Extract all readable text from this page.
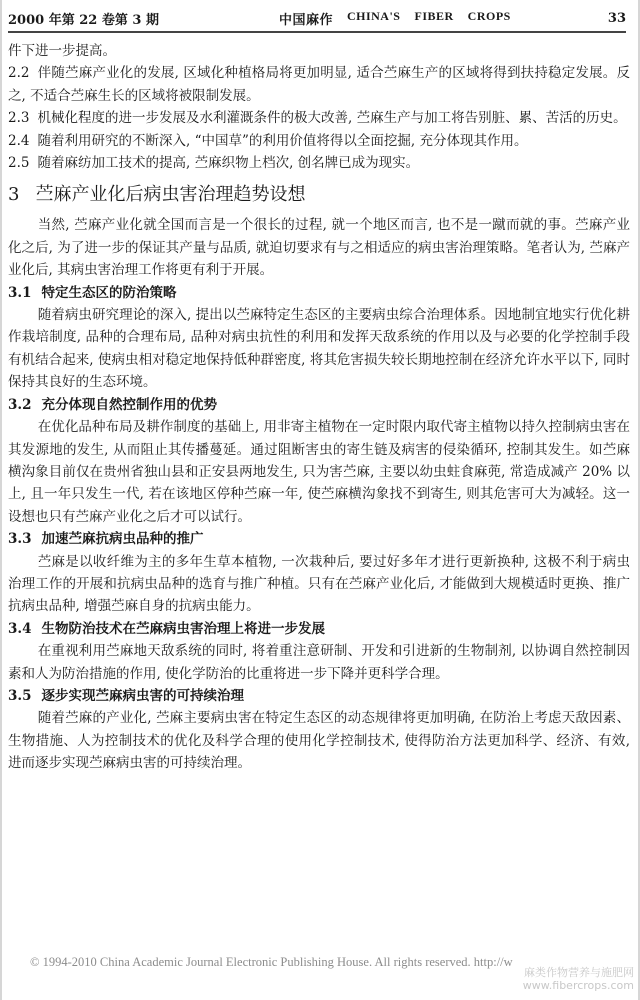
2000 年第 22 卷第 3 期	中国麻作 CHINA'S FIBER CROPS	33

件下进一步提高。

2.2 伴随苎麻产业化的发展, 区域化种植格局将更加明显, 适合苎麻生产的区域将得到扶持稳定发展。反之, 不适合苎麻生长的区域将被限制发展。

2.3 机械化程度的进一步发展及水利灌溉条件的极大改善, 苎麻生产与加工将告别脏、累、苦活的历史。

2.4 随着利用研究的不断深入, “中国草”的利用价值将得以全面挖掘, 充分体现其作用。

2.5 随着麻纺加工技术的提高, 苎麻织物上档次, 创名牌已成为现实。

3 苎麻产业化后病虫害治理趋势设想

当然, 苎麻产业化就全国而言是一个很长的过程, 就一个地区而言, 也不是一蹴而就的事。苎麻产业化之后, 为了进一步的保证其产量与品质, 就迫切要求有与之相适应的病虫害治理策略。笔者认为, 苎麻产业化后, 其病虫害治理工作将更有利于开展。

3.1 特定生态区的防治策略

随着病虫研究理论的深入, 提出以苎麻特定生态区的主要病虫综合治理体系。因地制宜地实行优化耕作栽培制度, 品种的合理布局, 品种对病虫抗性的利用和发挥天敌系统的作用以及与必要的化学控制手段有机结合起来, 使病虫相对稳定地保持低种群密度, 将其危害损失较长期地控制在经济允许水平以下, 同时保持其良好的生态环境。

3.2 充分体现自然控制作用的优势

在优化品种布局及耕作制度的基础上, 用非寄主植物在一定时限内取代寄主植物以持久控制病虫害在其发源地的发生, 从而阻止其传播蔓延。通过阻断害虫的寄生链及病害的侵染循环, 控制其发生。如苎麻横沟象目前仅在贵州省独山县和正安县两地发生, 只为害苎麻, 主要以幼虫蛀食麻蔸, 常造成减产 20% 以上, 且一年只发生一代, 若在该地区停种苎麻一年, 使苎麻横沟象找不到寄生, 则其危害可大为减轻。这一设想也只有苎麻产业化之后才可以试行。

3.3 加速苎麻抗病虫品种的推广

苎麻是以收纤维为主的多年生草本植物, 一次栽种后, 要过好多年才进行更新换种, 这极不利于病虫治理工作的开展和抗病虫品种的选育与推广种植。只有在苎麻产业化后, 才能做到大规模适时更换、推广抗病虫品种, 增强苎麻自身的抗病虫能力。

3.4 生物防治技术在苎麻病虫害治理上将进一步发展

在重视利用苎麻地天敌系统的同时, 将着重注意研制、开发和引进新的生物制剂, 以协调自然控制因素和人为防治措施的作用, 使化学防治的比重将进一步下降并更科学合理。

3.5 逐步实现苎麻病虫害的可持续治理

随着苎麻的产业化, 苎麻主要病虫害在特定生态区的动态规律将更加明确, 在防治上考虑天敌因素、生物措施、人为控制技术的优化及科学合理的使用化学控制技术, 使得防治方法更加科学、经济、有效, 进而逐步实现苎麻病虫害的可持续治理。

© 1994-2010 China Academic Journal Electronic Publishing House. All rights reserved. http://w
麻类作物营养与施肥网
www.fibercrops.com
